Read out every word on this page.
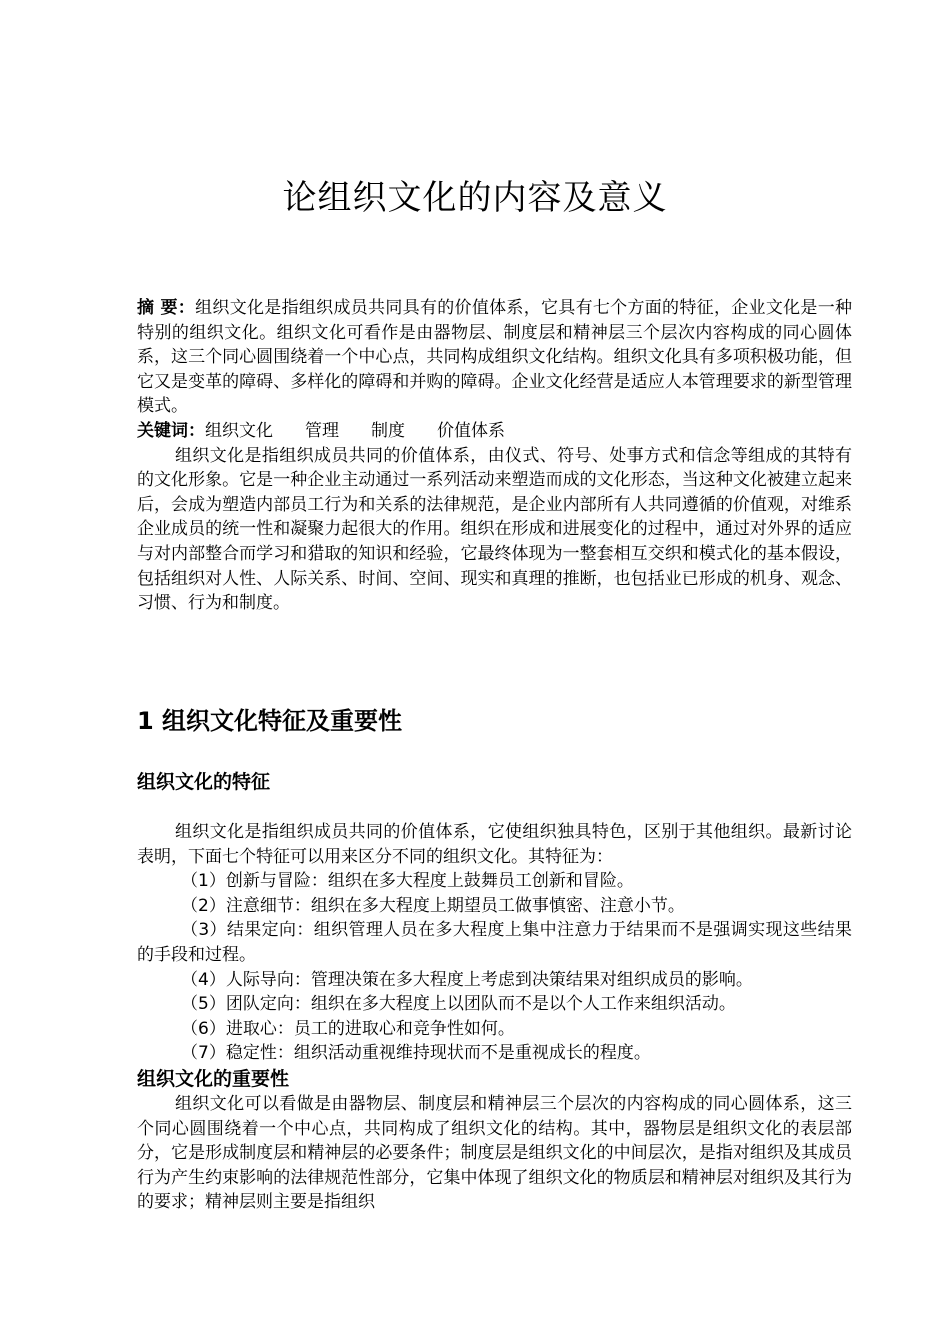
论组织文化的内容及意义

摘 要：组织文化是指组织成员共同具有的价值体系，它具有七个方面的特征，企业文化是一种特别的组织文化。组织文化可看作是由器物层、制度层和精神层三个层次内容构成的同心圆体系，这三个同心圆围绕着一个中心点，共同构成组织文化结构。组织文化具有多项积极功能，但它又是变革的障碍、多样化的障碍和并购的障碍。企业文化经营是适应人本管理要求的新型管理模式。

关键词：组织文化 管理 制度 价值体系

组织文化是指组织成员共同的价值体系，由仪式、符号、处事方式和信念等组成的其特有的文化形象。它是一种企业主动通过一系列活动来塑造而成的文化形态，当这种文化被建立起来后，会成为塑造内部员工行为和关系的法律规范，是企业内部所有人共同遵循的价值观，对维系企业成员的统一性和凝聚力起很大的作用。组织在形成和进展变化的过程中，通过对外界的适应与对内部整合而学习和猎取的知识和经验，它最终体现为一整套相互交织和模式化的基本假设，包括组织对人性、人际关系、时间、空间、现实和真理的推断，也包括业已形成的机身、观念、习惯、行为和制度。

1 组织文化特征及重要性
组织文化的特征

组织文化是指组织成员共同的价值体系，它使组织独具特色，区别于其他组织。最新讨论表明，下面七个特征可以用来区分不同的组织文化。其特征为：

（1）创新与冒险：组织在多大程度上鼓舞员工创新和冒险。

（2）注意细节：组织在多大程度上期望员工做事慎密、注意小节。

（3）结果定向：组织管理人员在多大程度上集中注意力于结果而不是强调实现这些结果的手段和过程。

（4）人际导向：管理决策在多大程度上考虑到决策结果对组织成员的影响。

（5）团队定向：组织在多大程度上以团队而不是以个人工作来组织活动。

（6）进取心：员工的进取心和竞争性如何。

（7）稳定性：组织活动重视维持现状而不是重视成长的程度。

组织文化的重要性

组织文化可以看做是由器物层、制度层和精神层三个层次的内容构成的同心圆体系，这三个同心圆围绕着一个中心点，共同构成了组织文化的结构。其中，器物层是组织文化的表层部分，它是形成制度层和精神层的必要条件；制度层是组织文化的中间层次，是指对组织及其成员行为产生约束影响的法律规范性部分，它集中体现了组织文化的物质层和精神层对组织及其行为的要求；精神层则主要是指组织
